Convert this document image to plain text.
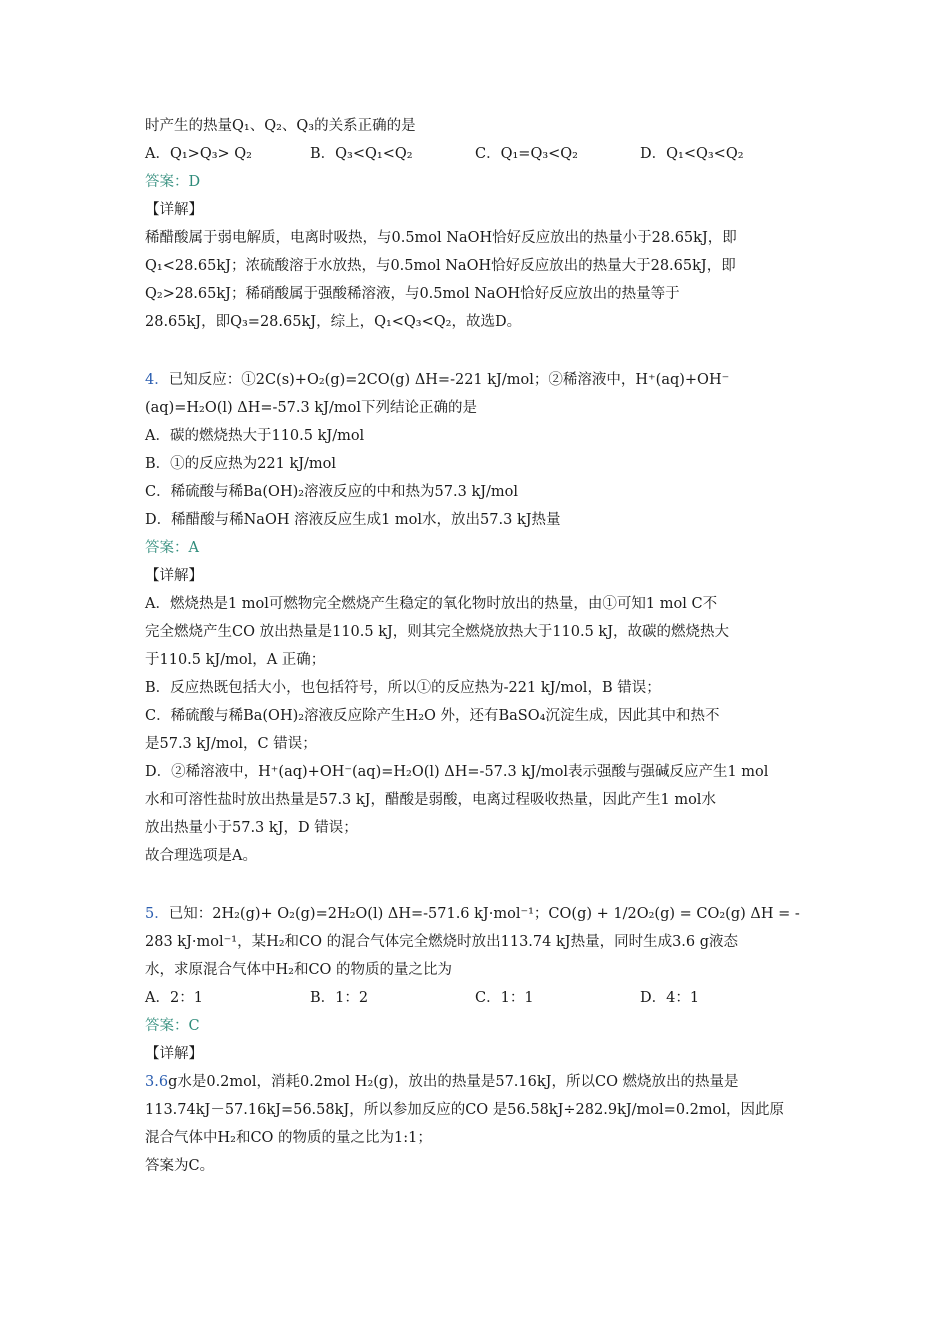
时产生的热量Q₁、Q₂、Q₃的关系正确的是
A．Q₁>Q₃> Q₂	B．Q₃<Q₁<Q₂	C．Q₁=Q₃<Q₂	D．Q₁<Q₃<Q₂
答案：D
【详解】
稀醋酸属于弱电解质，电离时吸热，与0.5mol NaOH恰好反应放出的热量小于28.65kJ，即
Q₁<28.65kJ；浓硫酸溶于水放热，与0.5mol NaOH恰好反应放出的热量大于28.65kJ，即
Q₂>28.65kJ；稀硝酸属于强酸稀溶液，与0.5mol NaOH恰好反应放出的热量等于
28.65kJ，即Q₃=28.65kJ，综上，Q₁<Q₃<Q₂，故选D。
4．已知反应：①2C(s)+O₂(g)=2CO(g) ΔH=-221 kJ/mol；②稀溶液中，H⁺(aq)+OH⁻
(aq)=H₂O(l) ΔH=-57.3 kJ/mol下列结论正确的是
A．碳的燃烧热大于110.5 kJ/mol
B．①的反应热为221 kJ/mol
C．稀硫酸与稀Ba(OH)₂溶液反应的中和热为57.3 kJ/mol
D．稀醋酸与稀NaOH 溶液反应生成1 mol水，放出57.3 kJ热量
答案：A
【详解】
A．燃烧热是1 mol可燃物完全燃烧产生稳定的氧化物时放出的热量，由①可知1 mol C不
完全燃烧产生CO 放出热量是110.5 kJ，则其完全燃烧放热大于110.5 kJ，故碳的燃烧热大
于110.5 kJ/mol，A 正确；
B．反应热既包括大小，也包括符号，所以①的反应热为-221 kJ/mol，B 错误；
C．稀硫酸与稀Ba(OH)₂溶液反应除产生H₂O 外，还有BaSO₄沉淀生成，因此其中和热不
是57.3 kJ/mol，C 错误；
D．②稀溶液中，H⁺(aq)+OH⁻(aq)=H₂O(l) ΔH=-57.3 kJ/mol表示强酸与强碱反应产生1 mol
水和可溶性盐时放出热量是57.3 kJ，醋酸是弱酸，电离过程吸收热量，因此产生1 mol水
放出热量小于57.3 kJ，D 错误；
故合理选项是A。
5．已知：2H₂(g)+ O₂(g)=2H₂O(l) ΔH=-571.6 kJ·mol⁻¹；CO(g) + 1/2O₂(g) = CO₂(g) ΔH = -
283 kJ·mol⁻¹，某H₂和CO 的混合气体完全燃烧时放出113.74 kJ热量，同时生成3.6 g液态
水，求原混合气体中H₂和CO 的物质的量之比为
A．2：1	B．1：2	C．1：1	D．4：1
答案：C
【详解】
3.6g水是0.2mol，消耗0.2mol H₂(g)，放出的热量是57.16kJ，所以CO 燃烧放出的热量是
113.74kJ－57.16kJ=56.58kJ，所以参加反应的CO 是56.58kJ÷282.9kJ/mol=0.2mol，因此原
混合气体中H₂和CO 的物质的量之比为1:1；
答案为C。
